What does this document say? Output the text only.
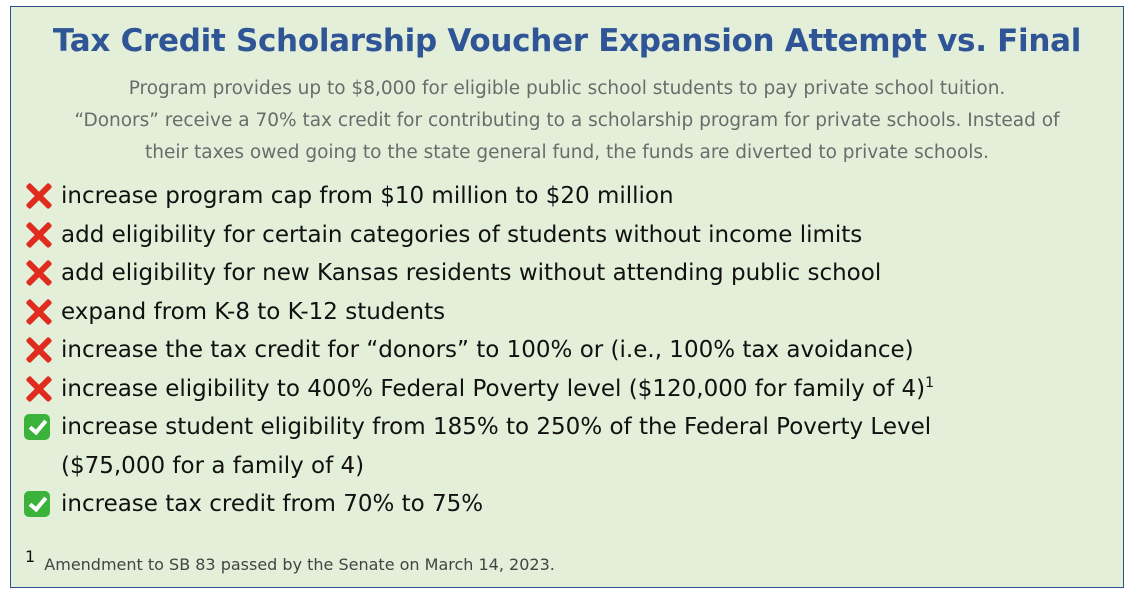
Tax Credit Scholarship Voucher Expansion Attempt vs. Final
Program provides up to $8,000 for eligible public school students to pay private school tuition.
“Donors” receive a 70% tax credit for contributing to a scholarship program for private schools. Instead of
their taxes owed going to the state general fund, the funds are diverted to private schools.
increase program cap from $10 million to $20 million
add eligibility for certain categories of students without income limits
add eligibility for new Kansas residents without attending public school
expand from K-8 to K-12 students
increase the tax credit for “donors” to 100% or (i.e., 100% tax avoidance)
increase eligibility to 400% Federal Poverty level ($120,000 for family of 4)$^1$
increase student eligibility from 185% to 250% of the Federal Poverty Level
($75,000 for a family of 4)
increase tax credit from 70% to 75%
1 Amendment to SB 83 passed by the Senate on March 14, 2023.
